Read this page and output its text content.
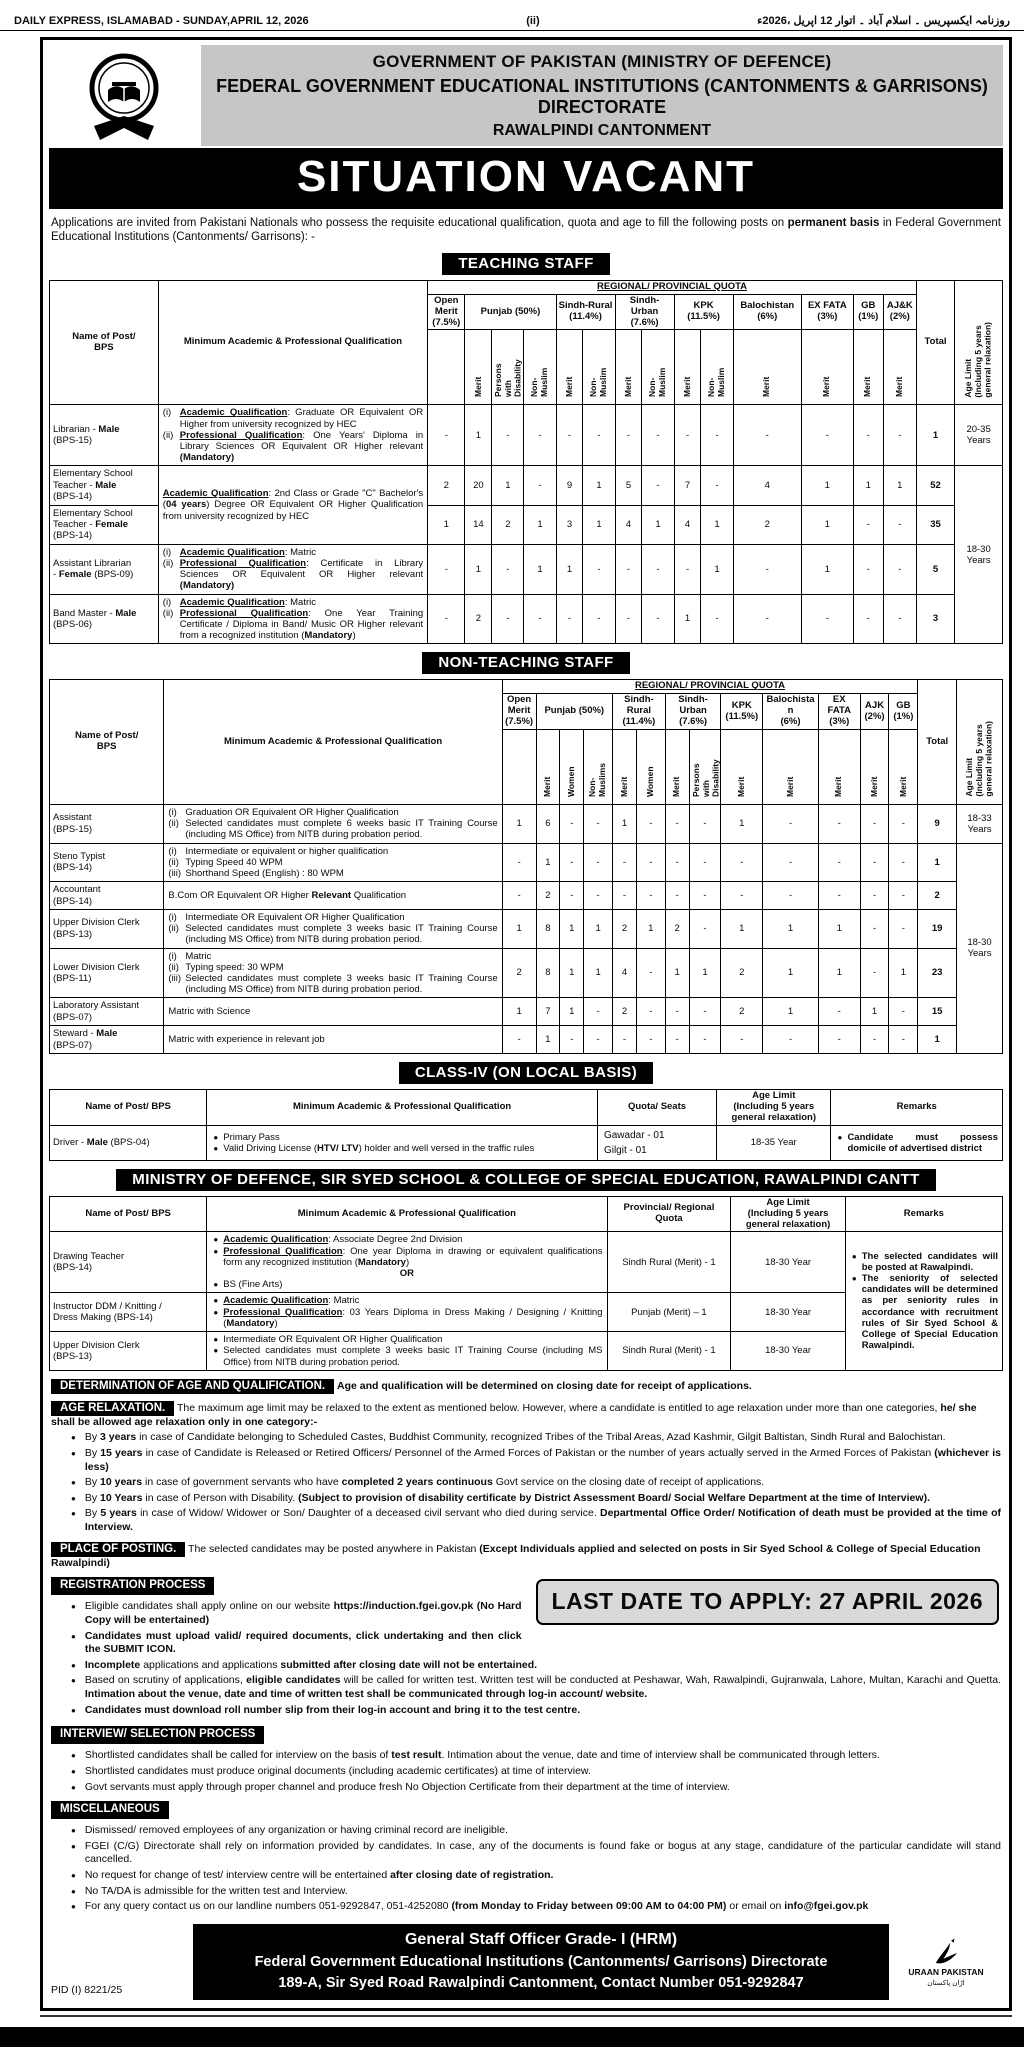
DAILY EXPRESS, ISLAMABAD - SUNDAY,APRIL 12, 2026	(ii)	روزنامہ ایکسپریس ۔ اسلام آباد ۔ اتوار 12 اپریل ،2026ء
GOVERNMENT OF PAKISTAN (MINISTRY OF DEFENCE)
FEDERAL GOVERNMENT EDUCATIONAL INSTITUTIONS (CANTONMENTS & GARRISONS) DIRECTORATE
RAWALPINDI CANTONMENT
SITUATION VACANT
Applications are invited from Pakistani Nationals who possess the requisite educational qualification, quota and age to fill the following posts on permanent basis in Federal Government Educational Institutions (Cantonments/ Garrisons): -
TEACHING STAFF
Name of Post/
BPS	Minimum Academic & Professional Qualification	REGIONAL/ PROVINCIAL QUOTA														Total	Age Limit
(Including 5 years
general relaxation)
		Open
Merit
(7.5%)	Punjab (50%)			Sindh-Rural
(11.4%)		Sindh-Urban
(7.6%)		KPK
(11.5%)		Balochistan
(6%)	EX FATA
(3%)	GB
(1%)	AJ&K
(2%)		
			Merit	Persons
with
Disability	Non-
Muslim	Merit	Non-
Muslim	Merit	Non-
Muslim	Merit	Non-
Muslim	Merit	Merit	Merit	Merit		
Librarian - Male
(BPS-15)	
(i) Academic Qualification: Graduate OR Equivalent OR Higher from university recognized by HEC
(ii) Professional Qualification: One Years' Diploma in Library Sciences OR Equivalent OR Higher relevant (Mandatory)
	-	1	-	-	-	-	-	-	-	-	-	-	-	-	1	20-35
Years
Elementary School
Teacher - Male
(BPS-14)	Academic Qualification: 2nd Class or Grade "C" Bachelor's (04 years) Degree OR Equivalent OR Higher Qualification from university recognized by HEC	2	20	1	-	9	1	5	-	7	-	4	1	1	1	52	18-30
Years
Elementary School
Teacher - Female
(BPS-14)		1	14	2	1	3	1	4	1	4	1	2	1	-	-	35	
Assistant Librarian
- Female (BPS-09)	
(i) Academic Qualification: Matric
(ii) Professional Qualification: Certificate in Library Sciences OR Equivalent OR Higher relevant (Mandatory)
	-	1	-	1	1	-	-	-	-	1	-	1	-	-	5
Band Master - Male
(BPS-06)	
(i) Academic Qualification: Matric
(ii) Professional Qualification: One Year Training Certificate / Diploma in Band/ Music OR Higher relevant from a recognized institution (Mandatory)
	-	2	-	-	-	-	-	-	1	-	-	-	-	-	3
NON-TEACHING STAFF
Name of Post/
BPS	Minimum Academic & Professional Qualification	REGIONAL/ PROVINCIAL QUOTA													Total	Age Limit
(Including 5 years
general relaxation)
		Open
Merit
(7.5%)	Punjab (50%)			Sindh-Rural
(11.4%)		Sindh-Urban
(7.6%)		KPK
(11.5%)	Balochistan
(6%)	EX FATA
(3%)	AJK
(2%)	GB
(1%)		
			Merit	Women	Non-
Muslims	Merit	Women	Merit	Persons
with
Disability	Merit	Merit	Merit	Merit	Merit		
Assistant
(BPS-15)	
(i) Graduation OR Equivalent OR Higher Qualification
(ii) Selected candidates must complete 6 weeks basic IT Training Course (including MS Office) from NITB during probation period.
	1	6	-	-	1	-	-	-	1	-	-	-	-	9	18-33
Years
Steno Typist
(BPS-14)	
(i) Intermediate or equivalent or higher qualification
(ii) Typing Speed 40 WPM
(iii) Shorthand Speed (English) : 80 WPM
	-	1	-	-	-	-	-	-	-	-	-	-	-	1	18-30
Years
Accountant
(BPS-14)	B.Com OR Equivalent OR Higher Relevant Qualification	-	2	-	-	-	-	-	-	-	-	-	-	-	2	
Upper Division Clerk
(BPS-13)	
(i) Intermediate OR Equivalent OR Higher Qualification
(ii) Selected candidates must complete 3 weeks basic IT Training Course (including MS Office) from NITB during probation period.
	1	8	1	1	2	1	2	-	1	1	1	-	-	19
Lower Division Clerk
(BPS-11)	
(i) Matric
(ii) Typing speed: 30 WPM
(iii) Selected candidates must complete 3 weeks basic IT Training Course (including MS Office) from NITB during probation period.
	2	8	1	1	4	-	1	1	2	1	1	-	1	23
Laboratory Assistant
(BPS-07)	Matric with Science	1	7	1	-	2	-	-	-	2	1	-	1	-	15	
Steward - Male
(BPS-07)	Matric with experience in relevant job	-	1	-	-	-	-	-	-	-	-	-	-	-	1	
CLASS-IV (ON LOCAL BASIS)
Name of Post/ BPS	Minimum Academic & Professional Qualification	Quota/ Seats	Age Limit
(Including 5 years
general relaxation)	Remarks
Driver - Male (BPS-04)	● Primary Pass
● Valid Driving License (HTV/ LTV) holder and well versed in the traffic rules
	Gawadar - 01
Gilgit - 01	18-35 Year	
● Candidate must possess domicile of advertised district
MINISTRY OF DEFENCE, SIR SYED SCHOOL & COLLEGE OF SPECIAL EDUCATION, RAWALPINDI CANTT
Name of Post/ BPS	Minimum Academic & Professional Qualification	Provincial/ Regional
Quota	Age Limit
(Including 5 years
general relaxation)	Remarks
Drawing Teacher
(BPS-14)	
● Academic Qualification: Associate Degree 2nd Division
● Professional Qualification: One year Diploma in drawing or equivalent qualifications form any recognized institution (Mandatory)
OR
● BS (Fine Arts)
	Sindh Rural (Merit) - 1	18-30 Year	
● The selected candidates will be posted at Rawalpindi.
● The seniority of selected candidates will be determined as per seniority rules in accordance with recruitment rules of Sir Syed School & College of Special Education Rawalpindi.

Instructor DDM / Knitting /
Dress Making (BPS-14)	
● Academic Qualification: Matric
● Professional Qualification: 03 Years Diploma in Dress Making / Designing / Knitting (Mandatory)
	Punjab (Merit) – 1	18-30 Year
Upper Division Clerk
(BPS-13)	
● Intermediate OR Equivalent OR Higher Qualification
● Selected candidates must complete 3 weeks basic IT Training Course (including MS Office) from NITB during probation period.
	Sindh Rural (Merit) - 1	18-30 Year
DETERMINATION OF AGE AND QUALIFICATION. Age and qualification will be determined on closing date for receipt of applications.
AGE RELAXATION. The maximum age limit may be relaxed to the extent as mentioned below. However, where a candidate is entitled to age relaxation under more than one categories, he/ she shall be allowed age relaxation only in one category:-
● By 3 years in case of Candidate belonging to Scheduled Castes, Buddhist Community, recognized Tribes of the Tribal Areas, Azad Kashmir, Gilgit Baltistan, Sindh Rural and Balochistan.
● By 15 years in case of Candidate is Released or Retired Officers/ Personnel of the Armed Forces of Pakistan or the number of years actually served in the Armed Forces of Pakistan (whichever is less)
● By 10 years in case of government servants who have completed 2 years continuous Govt service on the closing date of receipt of applications.
● By 10 Years in case of Person with Disability. (Subject to provision of disability certificate by District Assessment Board/ Social Welfare Department at the time of Interview).
● By 5 years in case of Widow/ Widower or Son/ Daughter of a deceased civil servant who died during service. Departmental Office Order/ Notification of death must be provided at the time of Interview.
PLACE OF POSTING. The selected candidates may be posted anywhere in Pakistan (Except Individuals applied and selected on posts in Sir Syed School & College of Special Education Rawalpindi)
LAST DATE TO APPLY: 27 APRIL 2026
REGISTRATION PROCESS
● Eligible candidates shall apply online on our website https://induction.fgei.gov.pk (No Hard Copy will be entertained)
● Candidates must upload valid/ required documents, click undertaking and then click the SUBMIT ICON.
● Incomplete applications and applications submitted after closing date will not be entertained.
● Based on scrutiny of applications, eligible candidates will be called for written test. Written test will be conducted at Peshawar, Wah, Rawalpindi, Gujranwala, Lahore, Multan, Karachi and Quetta. Intimation about the venue, date and time of written test shall be communicated through log-in account/ website.
● Candidates must download roll number slip from their log-in account and bring it to the test centre.
INTERVIEW/ SELECTION PROCESS
● Shortlisted candidates shall be called for interview on the basis of test result. Intimation about the venue, date and time of interview shall be communicated through letters.
● Shortlisted candidates must produce original documents (including academic certificates) at time of interview.
● Govt servants must apply through proper channel and produce fresh No Objection Certificate from their department at the time of interview.
MISCELLANEOUS
● Dismissed/ removed employees of any organization or having criminal record are ineligible.
● FGEI (C/G) Directorate shall rely on information provided by candidates. In case, any of the documents is found fake or bogus at any stage, candidature of the particular candidate will stand cancelled.
● No request for change of test/ interview centre will be entertained after closing date of registration.
● No TA/DA is admissible for the written test and Interview.
● For any query contact us on our landline numbers 051-9292847, 051-4252080 (from Monday to Friday between 09:00 AM to 04:00 PM) or email on info@fgei.gov.pk
PID (I) 8221/25
General Staff Officer Grade- I (HRM)
Federal Government Educational Institutions (Cantonments/ Garrisons) Directorate
189-A, Sir Syed Road Rawalpindi Cantonment, Contact Number 051-9292847
URAAN PAKISTAN
اڑان پاکستان
